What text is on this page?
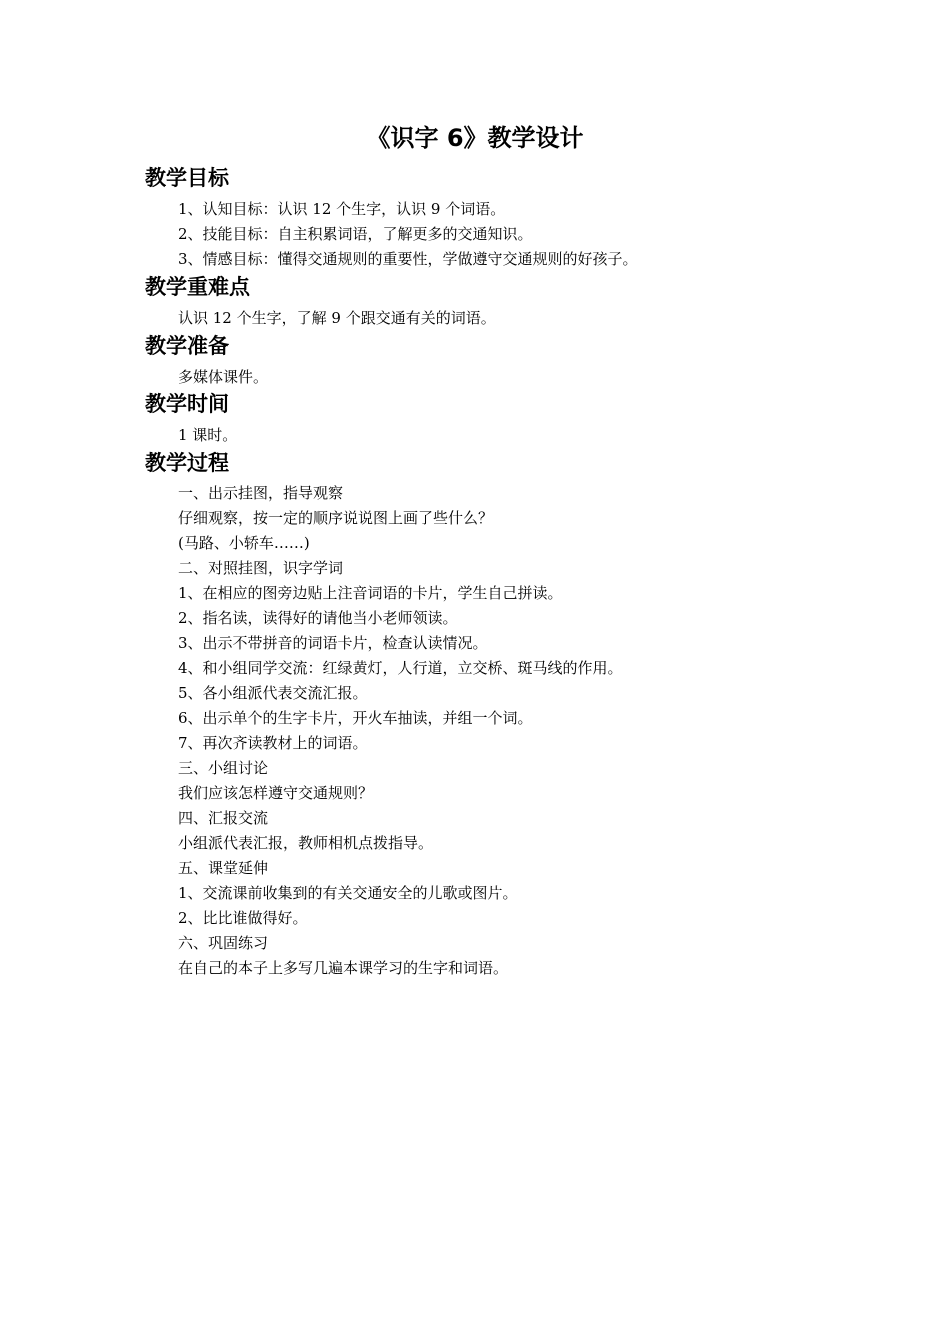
《识字 6》教学设计
教学目标
1、认知目标：认识 12 个生字，认识 9 个词语。
2、技能目标：自主积累词语，了解更多的交通知识。
3、情感目标：懂得交通规则的重要性，学做遵守交通规则的好孩子。
教学重难点
认识 12 个生字，了解 9 个跟交通有关的词语。
教学准备
多媒体课件。
教学时间
1 课时。
教学过程
一、出示挂图，指导观察
仔细观察，按一定的顺序说说图上画了些什么？
(马路、小轿车……)
二、对照挂图，识字学词
1、在相应的图旁边贴上注音词语的卡片，学生自己拼读。
2、指名读，读得好的请他当小老师领读。
3、出示不带拼音的词语卡片，检查认读情况。
4、和小组同学交流：红绿黄灯，人行道，立交桥、斑马线的作用。
5、各小组派代表交流汇报。
6、出示单个的生字卡片，开火车抽读，并组一个词。
7、再次齐读教材上的词语。
三、小组讨论
我们应该怎样遵守交通规则？
四、汇报交流
小组派代表汇报，教师相机点拨指导。
五、课堂延伸
1、交流课前收集到的有关交通安全的儿歌或图片。
2、比比谁做得好。
六、巩固练习
在自己的本子上多写几遍本课学习的生字和词语。
